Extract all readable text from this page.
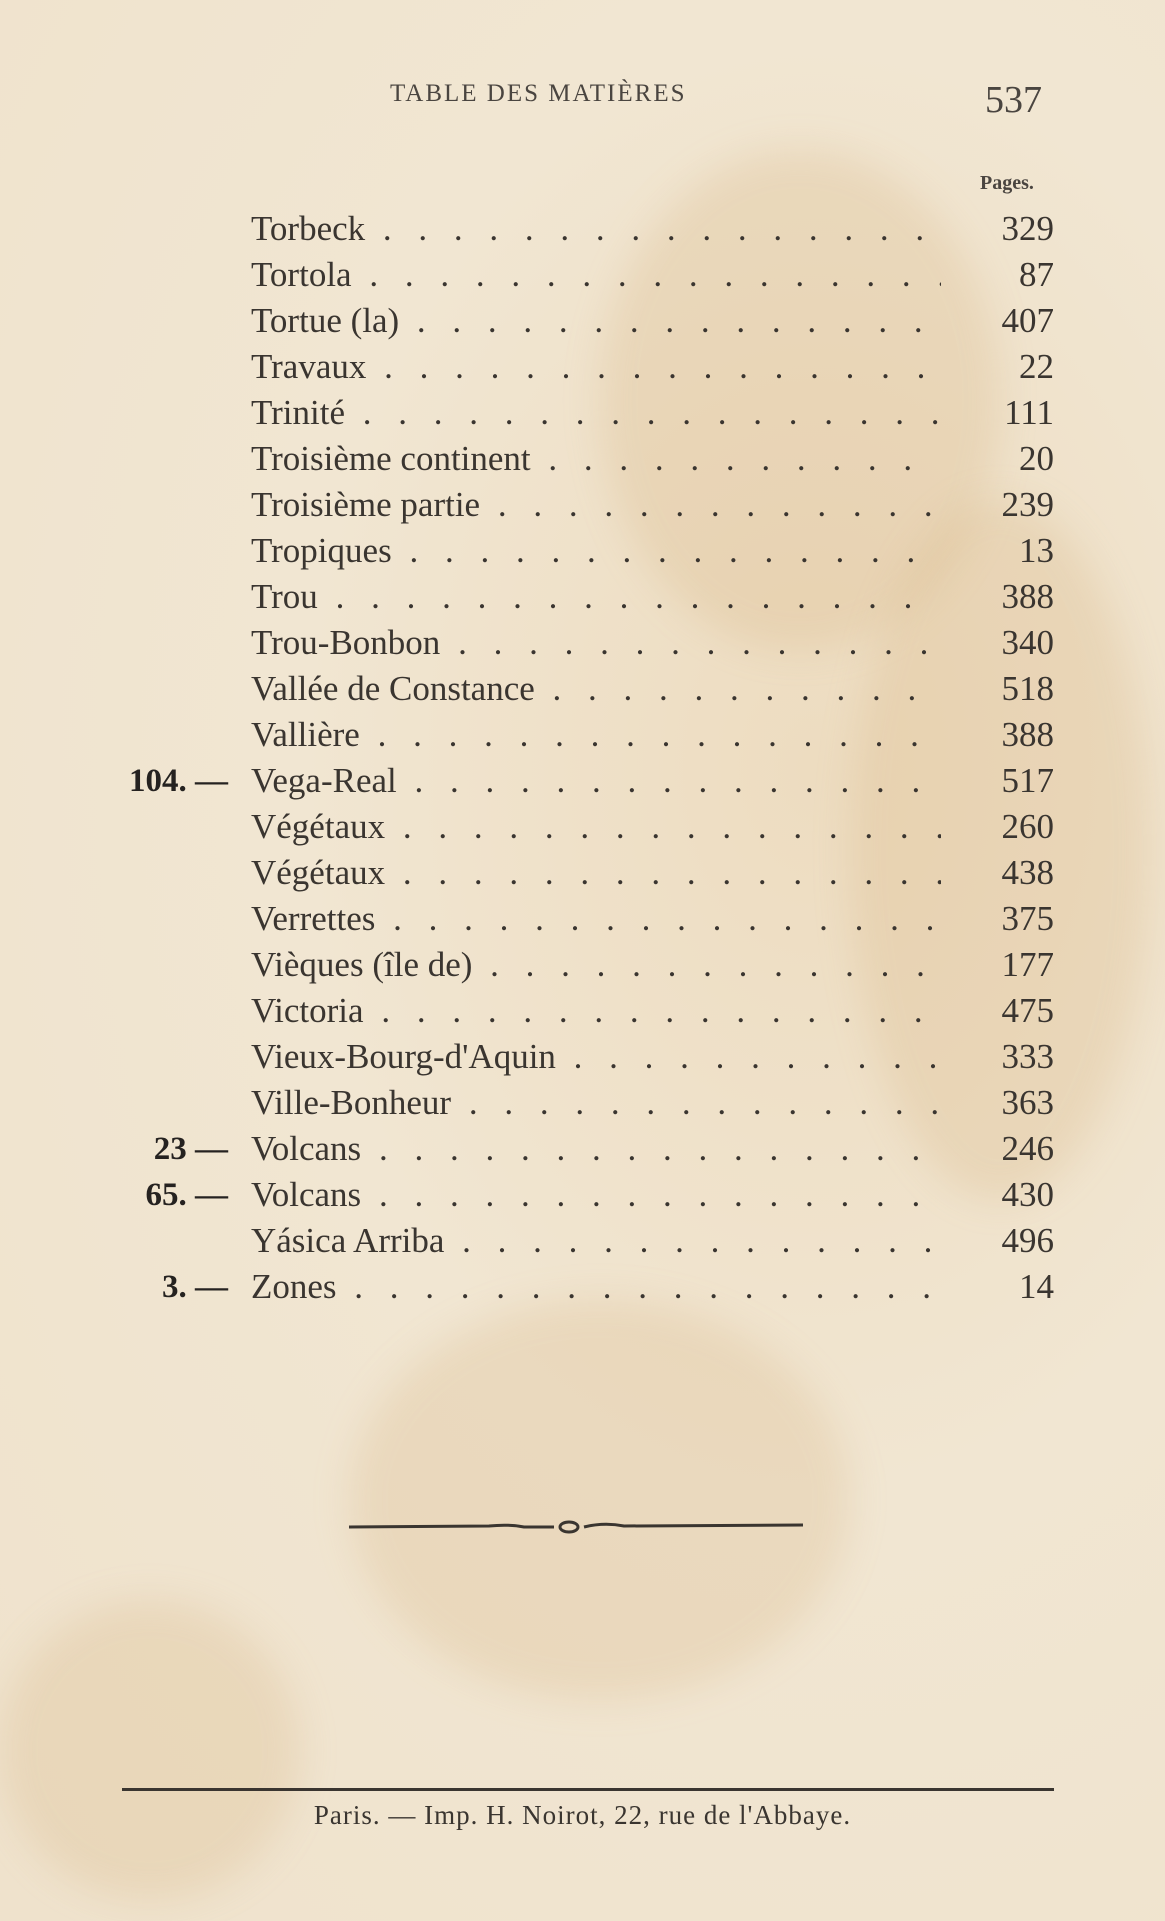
TABLE DES MATIÈRES	537
Pages.
Torbeck . . .	329
Tortola . . .	87
Tortue (la) . . .	407
Travaux . . .	22
Trinité . . .	111
Troisième continent . . .	20
Troisième partie . . .	239
Tropiques . . .	13
Trou . . .	388
Trou-Bonbon . . .	340
Vallée de Constance . . .	518
Vallière . . .	388
104. — Vega-Real . . .	517
Végétaux . . .	260
Végétaux . . .	438
Verrettes . . .	375
Vièques (île de) . . .	177
Victoria . . .	475
Vieux-Bourg-d'Aquin . . .	333
Ville-Bonheur . . .	363
23 — Volcans . . .	246
65. — Volcans . . .	430
Yásica Arriba . . .	496
3. — Zones . . .	14
Paris. — Imp. H. Noirot, 22, rue de l'Abbaye.
